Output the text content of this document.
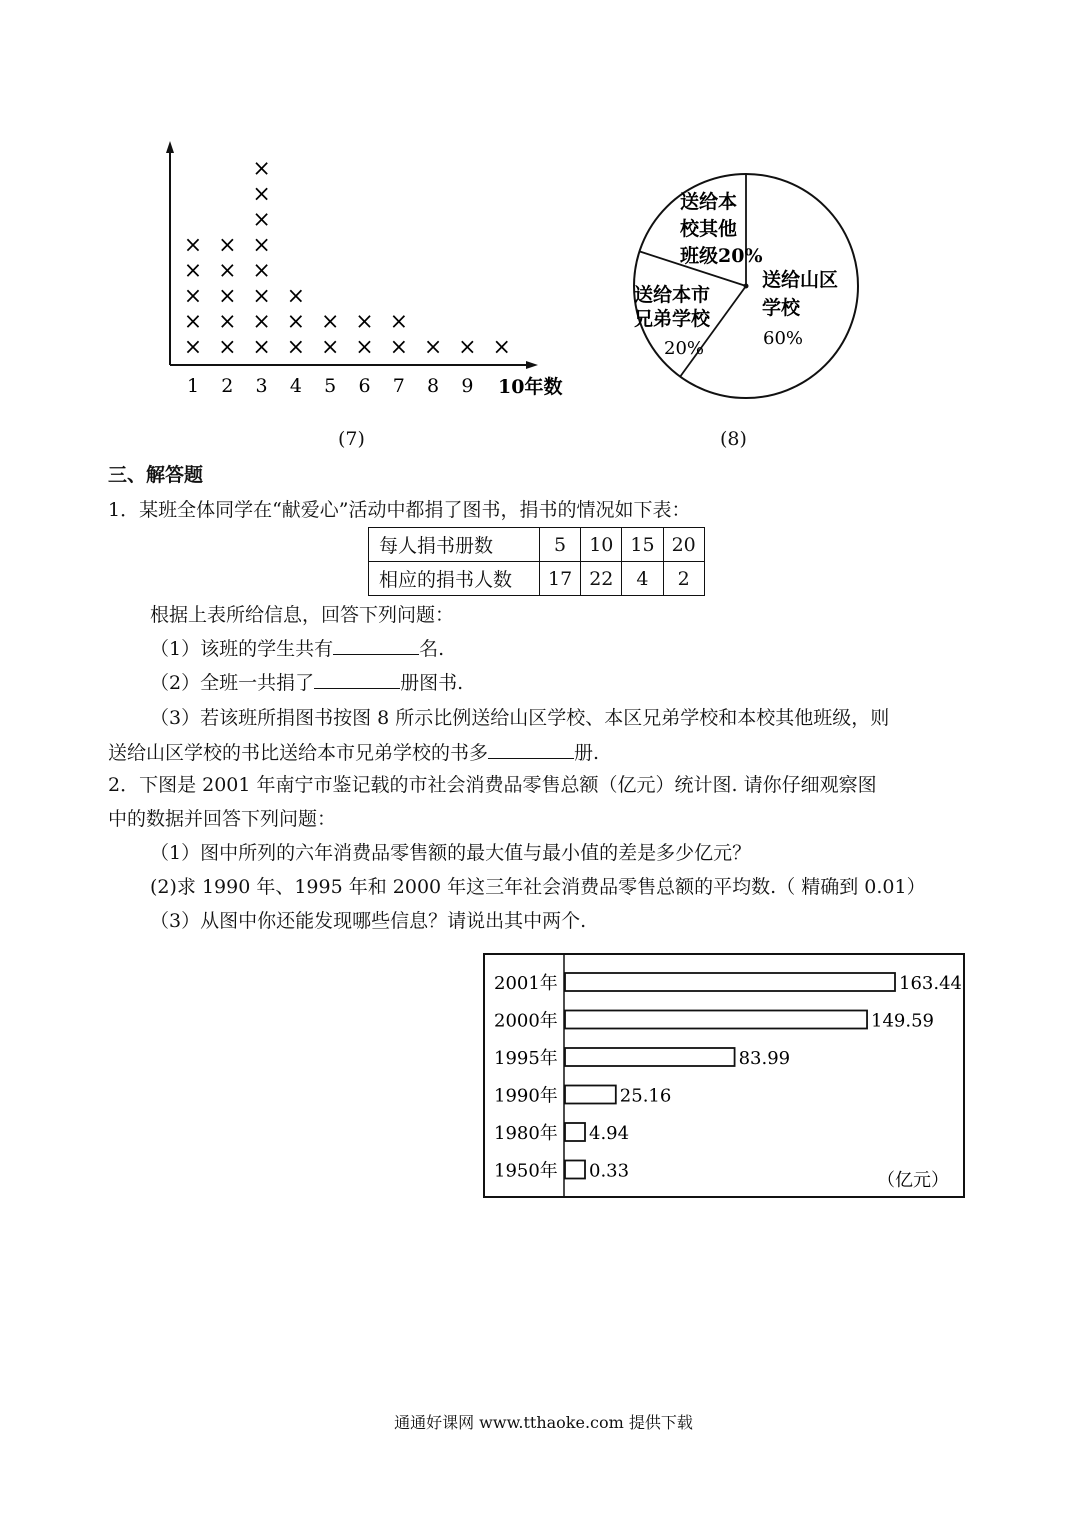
×
×
×
×
×
×
×
×
×
×
×
×
×
×
×
×
×
×
×
×
×
×
×
×
×
×
×
× × ×
1 2 3 4 5 6 7 8 9 10年数
(7)
送给山区
学校
60%
送给本市
兄弟学校
20%
送给本
校其他
班级20%
(8)
三、解答题
1．某班全体同学在“献爱心”活动中都捐了图书，捐书的情况如下表：
每人捐书册数	5	10	15	20
相应的捐书人数	17	22	4	2
根据上表所给信息，回答下列问题：
（1）该班的学生共有	名.
（2）全班一共捐了	册图书.
（3）若该班所捐图书按图 8 所示比例送给山区学校、本区兄弟学校和本校其他班级，则
送给山区学校的书比送给本市兄弟学校的书多	册.
2．下图是 2001 年南宁市鉴记载的市社会消费品零售总额（亿元）统计图. 请你仔细观察图
中的数据并回答下列问题：
（1）图中所列的六年消费品零售额的最大值与最小值的差是多少亿元？
(2)求 1990 年、1995 年和 2000 年这三年社会消费品零售总额的平均数.（ 精确到 0.01）
（3）从图中你还能发现哪些信息？请说出其中两个.
2001年	163.44
2000年	149.59
1995年	83.99
1990年	25.16
1980年 4.94
1950年 0.33	（亿元）
通通好课网 www.tthaoke.com 提供下载
